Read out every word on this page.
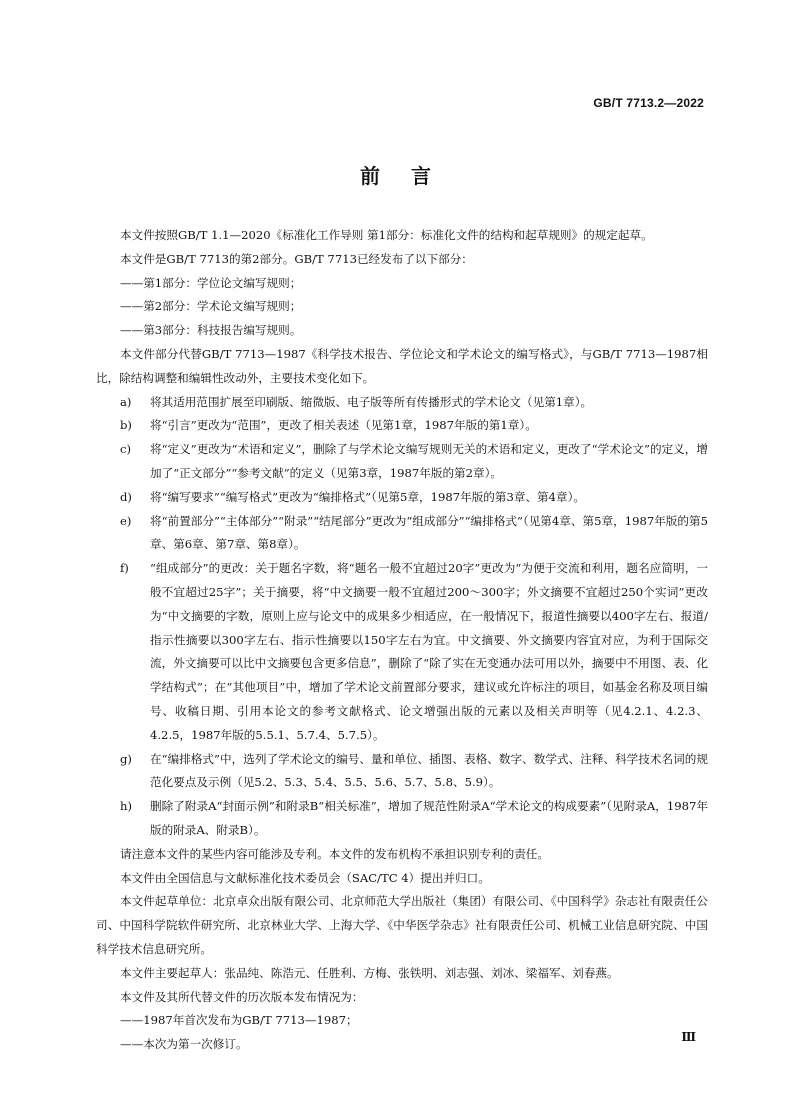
GB/T 7713.2—2022
前 言

本文件按照GB/T 1.1—2020《标准化工作导则 第1部分：标准化文件的结构和起草规则》的规定起草。

本文件是GB/T 7713的第2部分。GB/T 7713已经发布了以下部分：

——第1部分：学位论文编写规则；

——第2部分：学术论文编写规则；

——第3部分：科技报告编写规则。

本文件部分代替GB/T 7713—1987《科学技术报告、学位论文和学术论文的编写格式》，与GB/T 7713—1987相比，除结构调整和编辑性改动外，主要技术变化如下。

a)	将其适用范围扩展至印刷版、缩微版、电子版等所有传播形式的学术论文（见第1章）。
b)	将“引言”更改为“范围”，更改了相关表述（见第1章，1987年版的第1章）。
c)	将“定义”更改为“术语和定义”，删除了与学术论文编写规则无关的术语和定义，更改了“学术论文”的定义，增加了“正文部分”“参考文献”的定义（见第3章，1987年版的第2章）。
d)	将“编写要求”“编写格式”更改为“编排格式”（见第5章，1987年版的第3章、第4章）。
e)	将“前置部分”“主体部分”“附录”“结尾部分”更改为“组成部分”“编排格式”（见第4章、第5章，1987年版的第5章、第6章、第7章、第8章）。
f)	“组成部分”的更改：关于题名字数，将“题名一般不宜超过20字”更改为“为便于交流和利用，题名应简明，一般不宜超过25字”；关于摘要，将“中文摘要一般不宜超过200～300字；外文摘要不宜超过250个实词”更改为“中文摘要的字数，原则上应与论文中的成果多少相适应，在一般情况下，报道性摘要以400字左右、报道/指示性摘要以300字左右、指示性摘要以150字左右为宜。中文摘要、外文摘要内容宜对应，为利于国际交流，外文摘要可以比中文摘要包含更多信息”，删除了“除了实在无变通办法可用以外，摘要中不用图、表、化学结构式”；在“其他项目”中，增加了学术论文前置部分要求，建议或允许标注的项目，如基金名称及项目编号、收稿日期、引用本论文的参考文献格式、论文增强出版的元素以及相关声明等（见4.2.1、4.2.3、4.2.5，1987年版的5.5.1、5.7.4、5.7.5）。
g)	在“编排格式”中，选列了学术论文的编号、量和单位、插图、表格、数字、数学式、注释、科学技术名词的规范化要点及示例（见5.2、5.3、5.4、5.5、5.6、5.7、5.8、5.9）。
h)	删除了附录A“封面示例”和附录B“相关标准”，增加了规范性附录A“学术论文的构成要素”（见附录A，1987年版的附录A、附录B）。

请注意本文件的某些内容可能涉及专利。本文件的发布机构不承担识别专利的责任。

本文件由全国信息与文献标准化技术委员会（SAC/TC 4）提出并归口。

本文件起草单位：北京卓众出版有限公司、北京师范大学出版社（集团）有限公司、《中国科学》杂志社有限责任公司、中国科学院软件研究所、北京林业大学、上海大学、《中华医学杂志》社有限责任公司、机械工业信息研究院、中国科学技术信息研究所。

本文件主要起草人：张品纯、陈浩元、任胜利、方梅、张铁明、刘志强、刘冰、梁福军、刘春燕。

本文件及其所代替文件的历次版本发布情况为：

——1987年首次发布为GB/T 7713—1987；

——本次为第一次修订。

Ⅲ
